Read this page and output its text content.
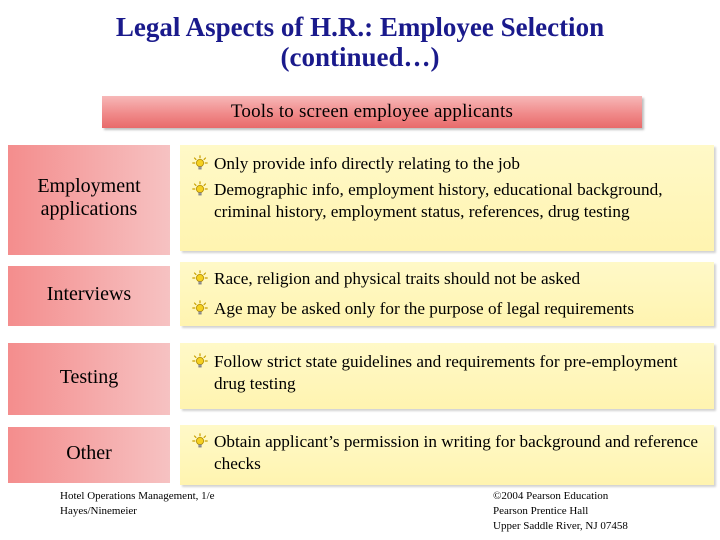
Legal Aspects of H.R.: Employee Selection
(continued…)
Tools to screen employee applicants
Employment
applications
Only provide info directly relating to the job
Demographic info, employment history, educational background, criminal history, employment status, references, drug testing
Interviews
Race, religion and physical traits should not be asked
Age may be asked only for the purpose of legal requirements
Testing
Follow strict state guidelines and requirements for pre-employment drug testing
Other	Obtain applicant’s permission in writing for background and reference checks
Hotel Operations Management, 1/e
Hayes/Ninemeier
©2004 Pearson Education
Pearson Prentice Hall
Upper Saddle River, NJ 07458
